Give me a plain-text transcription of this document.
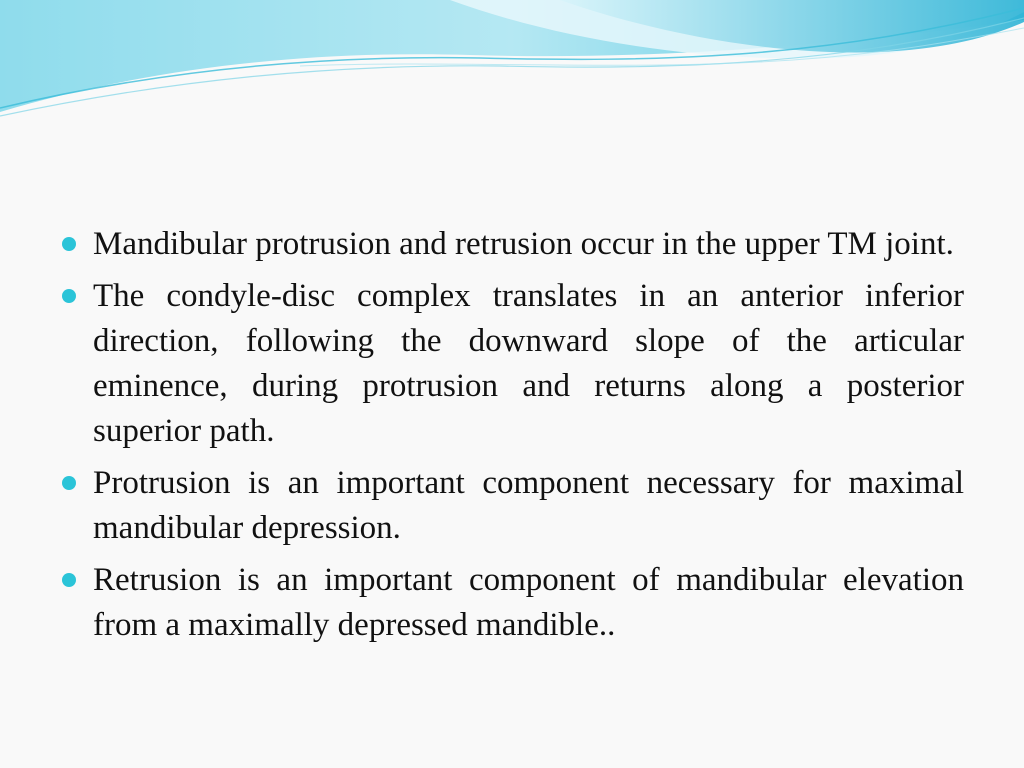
Mandibular protrusion and retrusion occur in the upper TM joint.
The condyle-disc complex translates in an anterior inferior direction, following the downward slope of the articular eminence, during protrusion and returns along a posterior superior path.
Protrusion is an important component necessary for maximal mandibular depression.
Retrusion is an important component of mandibular elevation from a maximally depressed mandible..
